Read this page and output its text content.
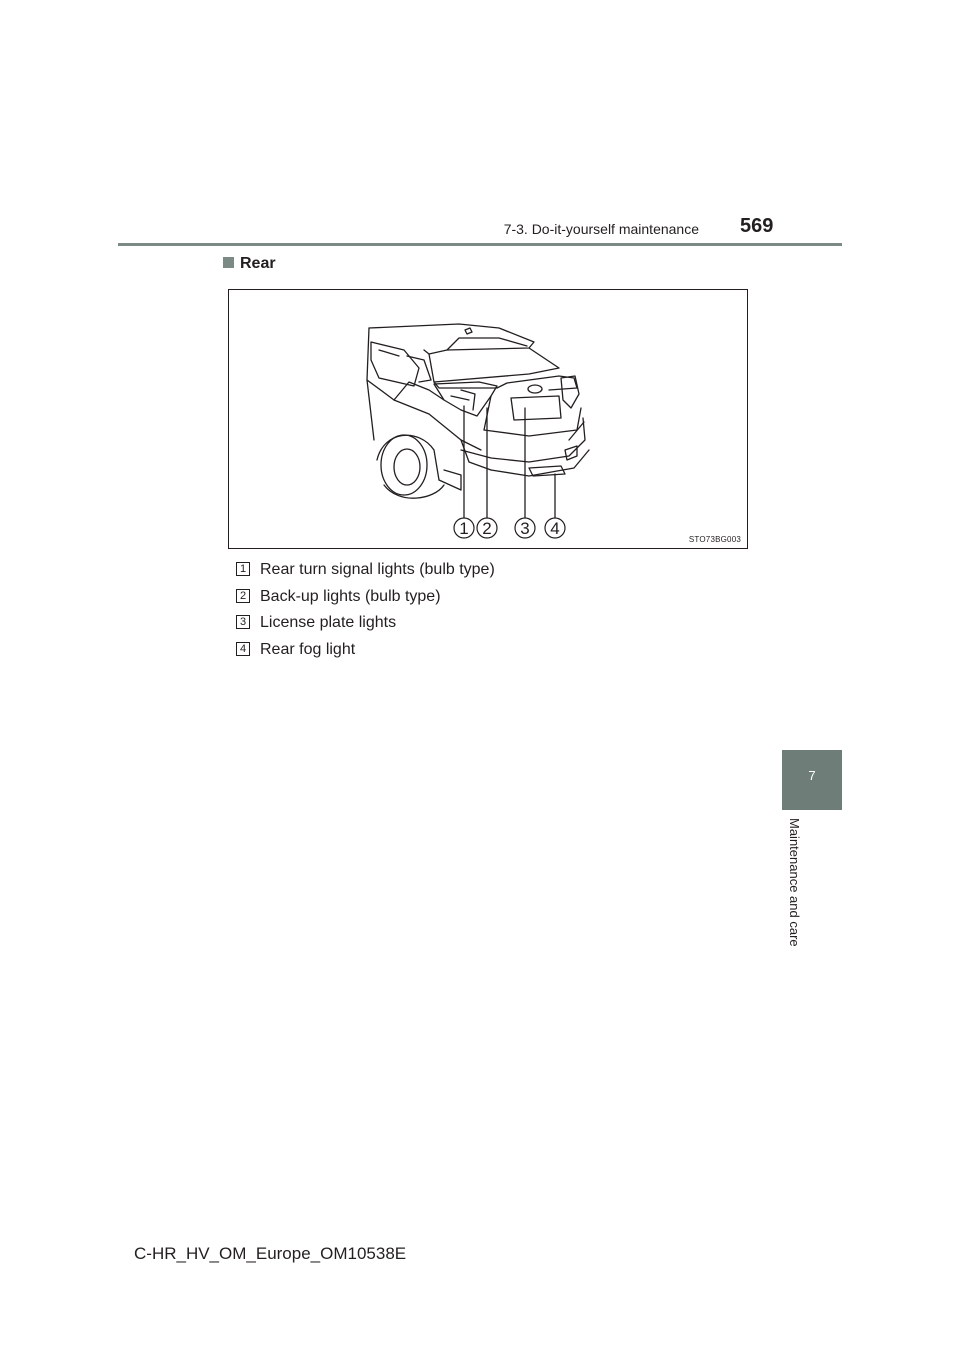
7-3. Do-it-yourself maintenance 569
7
Maintenance and care
Rear
1 2 3 4
STO73BG003
1 Rear turn signal lights (bulb type)
2 Back-up lights (bulb type)
3 License plate lights
4 Rear fog light
C-HR_HV_OM_Europe_OM10538E
